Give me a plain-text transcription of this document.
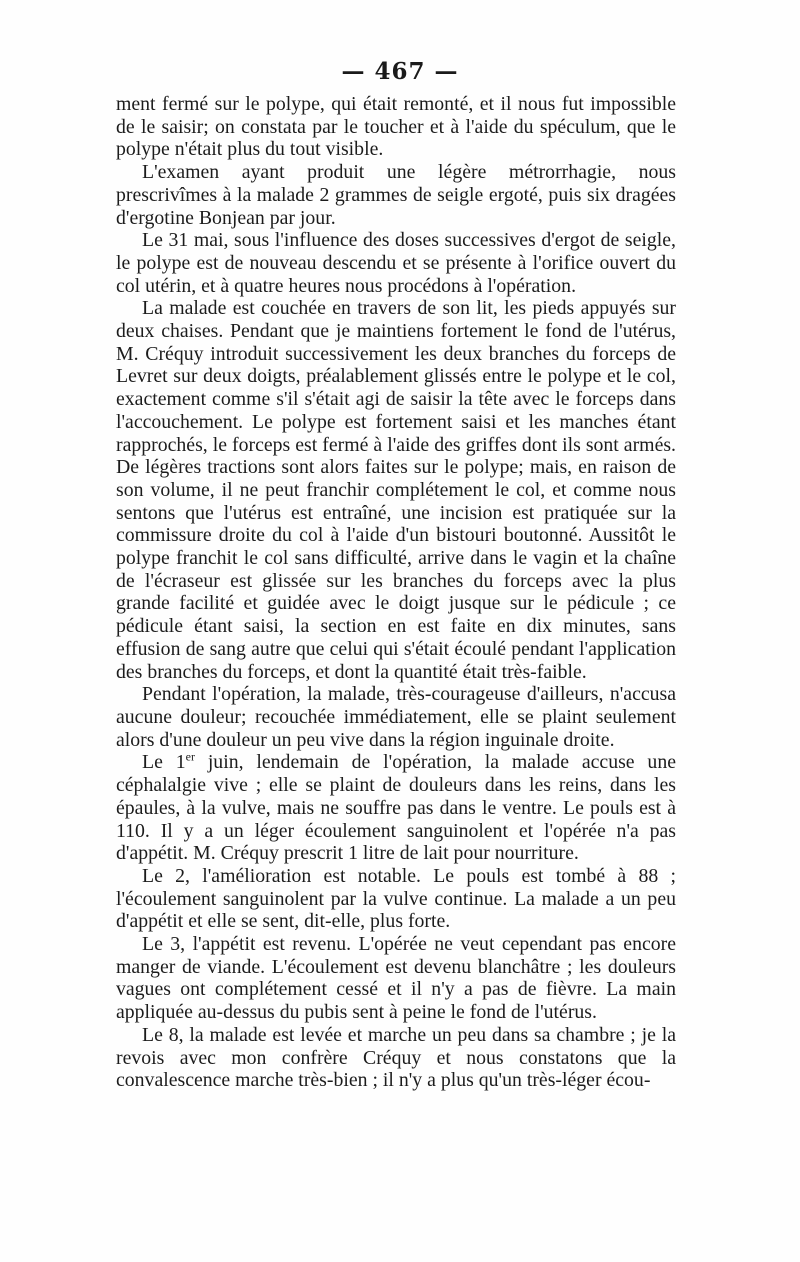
— 467 —

ment fermé sur le polype, qui était remonté, et il nous fut impossible de le saisir; on constata par le toucher et à l'aide du spéculum, que le polype n'était plus du tout visible.

L'examen ayant produit une légère métrorrhagie, nous prescrivîmes à la malade 2 grammes de seigle ergoté, puis six dragées d'ergotine Bonjean par jour.

Le 31 mai, sous l'influence des doses successives d'ergot de seigle, le polype est de nouveau descendu et se présente à l'orifice ouvert du col utérin, et à quatre heures nous procédons à l'opération.

La malade est couchée en travers de son lit, les pieds appuyés sur deux chaises. Pendant que je maintiens fortement le fond de l'utérus, M. Créquy introduit successivement les deux branches du forceps de Levret sur deux doigts, préalablement glissés entre le polype et le col, exactement comme s'il s'était agi de saisir la tête avec le forceps dans l'accouchement. Le polype est fortement saisi et les manches étant rapprochés, le forceps est fermé à l'aide des griffes dont ils sont armés. De légères tractions sont alors faites sur le polype; mais, en raison de son volume, il ne peut franchir complétement le col, et comme nous sentons que l'utérus est entraîné, une incision est pratiquée sur la commissure droite du col à l'aide d'un bistouri boutonné. Aussitôt le polype franchit le col sans difficulté, arrive dans le vagin et la chaîne de l'écraseur est glissée sur les branches du forceps avec la plus grande facilité et guidée avec le doigt jusque sur le pédicule ; ce pédicule étant saisi, la section en est faite en dix minutes, sans effusion de sang autre que celui qui s'était écoulé pendant l'application des branches du forceps, et dont la quantité était très-faible.

Pendant l'opération, la malade, très-courageuse d'ailleurs, n'accusa aucune douleur; recouchée immédiatement, elle se plaint seulement alors d'une douleur un peu vive dans la région inguinale droite.

Le 1er juin, lendemain de l'opération, la malade accuse une céphalalgie vive ; elle se plaint de douleurs dans les reins, dans les épaules, à la vulve, mais ne souffre pas dans le ventre. Le pouls est à 110. Il y a un léger écoulement sanguinolent et l'opérée n'a pas d'appétit. M. Créquy prescrit 1 litre de lait pour nourriture.

Le 2, l'amélioration est notable. Le pouls est tombé à 88 ; l'écoulement sanguinolent par la vulve continue. La malade a un peu d'appétit et elle se sent, dit-elle, plus forte.

Le 3, l'appétit est revenu. L'opérée ne veut cependant pas encore manger de viande. L'écoulement est devenu blanchâtre ; les douleurs vagues ont complétement cessé et il n'y a pas de fièvre. La main appliquée au-dessus du pubis sent à peine le fond de l'utérus.

Le 8, la malade est levée et marche un peu dans sa chambre ; je la revois avec mon confrère Créquy et nous constatons que la convalescence marche très-bien ; il n'y a plus qu'un très-léger écou-
